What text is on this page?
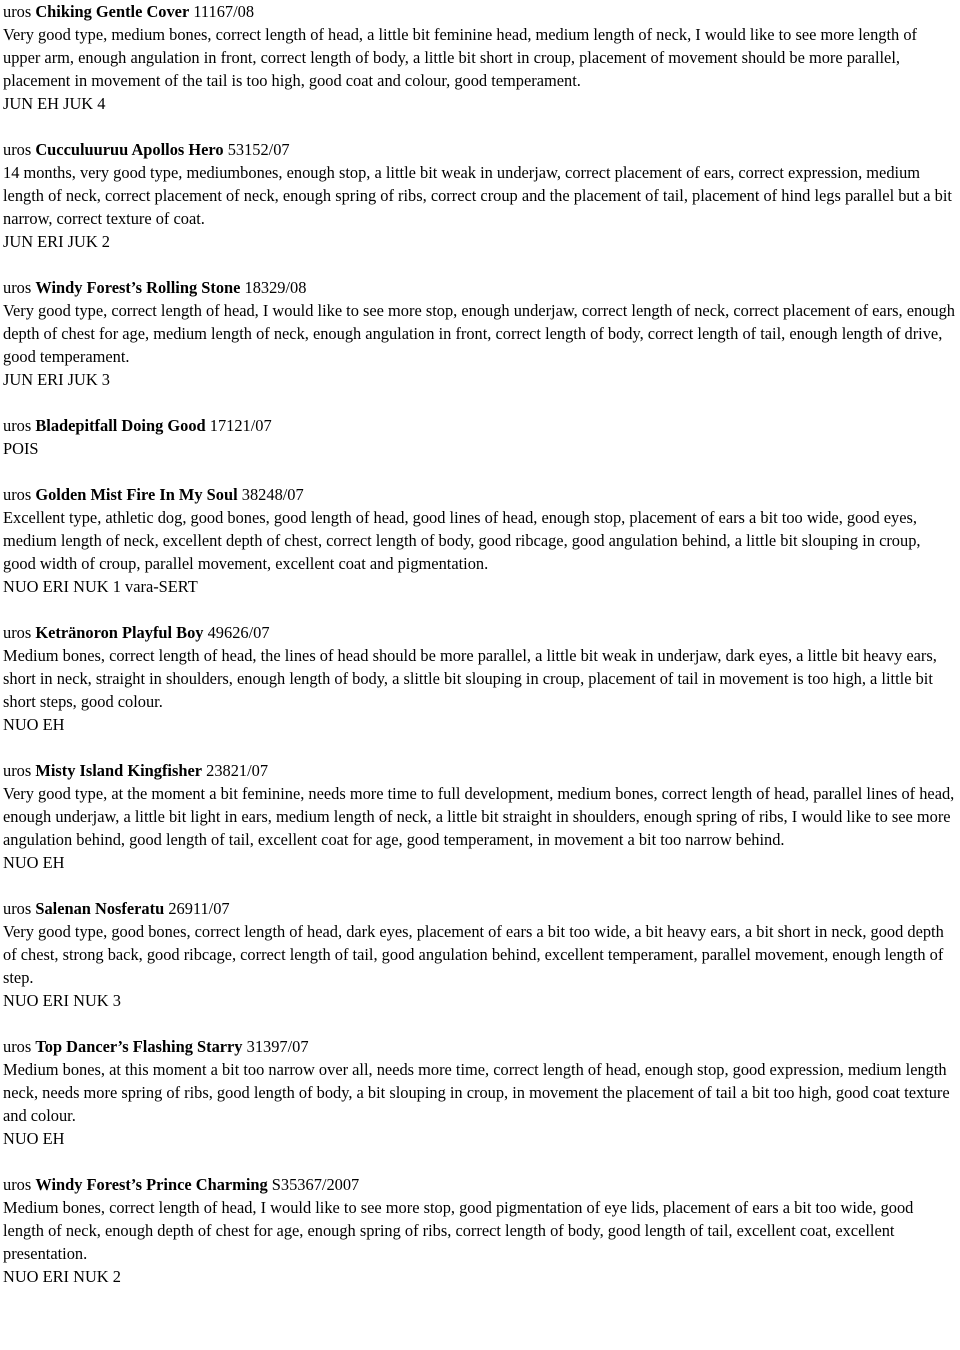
uros Chiking Gentle Cover 11167/08

Very good type, medium bones, correct length of head, a little bit feminine head, medium length of neck, I would like to see more length of upper arm, enough angulation in front, correct length of body, a little bit short in croup, placement of movement should be more parallel, placement in movement of the tail is too high, good coat and colour, good temperament.

JUN EH JUK 4

uros Cucculuuruu Apollos Hero 53152/07

14 months, very good type, mediumbones, enough stop, a little bit weak in underjaw, correct placement of ears, correct expression, medium length of neck, correct placement of neck, enough spring of ribs, correct croup and the placement of tail, placement of hind legs parallel but a bit narrow, correct texture of coat.

JUN ERI JUK 2

uros Windy Forest’s Rolling Stone 18329/08

Very good type, correct length of head, I would like to see more stop, enough underjaw, correct length of neck, correct placement of ears, enough depth of chest for age, medium length of neck, enough angulation in front, correct length of body, correct length of tail, enough length of drive, good temperament.

JUN ERI JUK 3

uros Bladepitfall Doing Good 17121/07

POIS

uros Golden Mist Fire In My Soul 38248/07

Excellent type, athletic dog, good bones, good length of head, good lines of head, enough stop, placement of ears a bit too wide, good eyes, medium length of neck, excellent depth of chest, correct length of body, good ribcage, good angulation behind, a little bit slouping in croup, good width of croup, parallel movement, excellent coat and pigmentation.

NUO ERI NUK 1 vara-SERT

uros Ketränoron Playful Boy 49626/07

Medium bones, correct length of head, the lines of head should be more parallel, a little bit weak in underjaw, dark eyes, a little bit heavy ears, short in neck, straight in shoulders, enough length of body, a slittle bit slouping in croup, placement of tail in movement is too high, a little bit short steps, good colour.

NUO EH

uros Misty Island Kingfisher 23821/07

Very good type, at the moment a bit feminine, needs more time to full development, medium bones, correct length of head, parallel lines of head, enough underjaw, a little bit light in ears, medium length of neck, a little bit straight in shoulders, enough spring of ribs, I would like to see more angulation behind, good length of tail, excellent coat for age, good temperament, in movement a bit too narrow behind.

NUO EH

uros Salenan Nosferatu 26911/07

Very good type, good bones, correct length of head, dark eyes, placement of ears a bit too wide, a bit heavy ears, a bit short in neck, good depth of chest, strong back, good ribcage, correct length of tail, good angulation behind, excellent temperament, parallel movement, enough length of step.

NUO ERI NUK 3

uros Top Dancer’s Flashing Starry 31397/07

Medium bones, at this moment a bit too narrow over all, needs more time, correct length of head, enough stop, good expression, medium length neck, needs more spring of ribs, good length of body, a bit slouping in croup, in movement the placement of tail a bit too high, good coat texture and colour.

NUO EH

uros Windy Forest’s Prince Charming S35367/2007

Medium bones, correct length of head, I would like to see more stop, good pigmentation of eye lids, placement of ears a bit too wide, good length of neck, enough depth of chest for age, enough spring of ribs, correct length of body, good length of tail, excellent coat, excellent presentation.

NUO ERI NUK 2
